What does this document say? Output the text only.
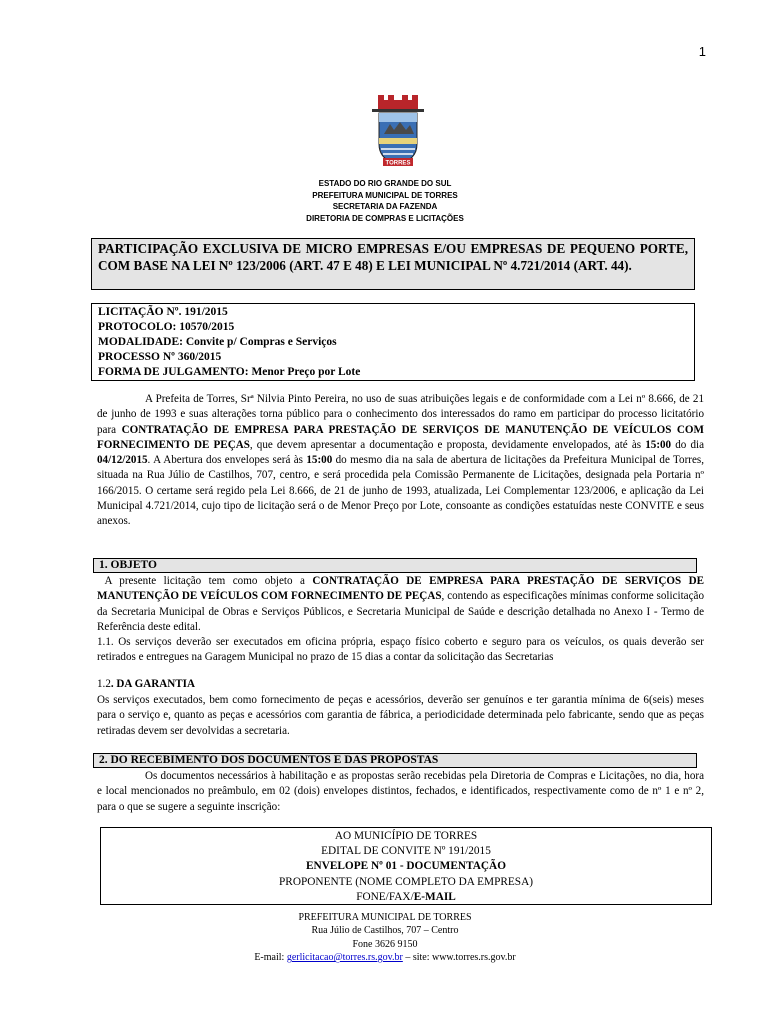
1
TORRES
ESTADO DO RIO GRANDE DO SUL
PREFEITURA MUNICIPAL DE TORRES
SECRETARIA DA FAZENDA
DIRETORIA DE COMPRAS E LICITAÇÕES
PARTICIPAÇÃO EXCLUSIVA DE MICRO EMPRESAS E/OU EMPRESAS DE PEQUENO PORTE, COM BASE NA LEI Nº 123/2006 (ART. 47 E 48) E LEI MUNICIPAL Nº 4.721/2014 (ART. 44).
LICITAÇÃO Nº. 191/2015
PROTOCOLO: 10570/2015
MODALIDADE: Convite p/ Compras e Serviços
PROCESSO Nº 360/2015
FORMA DE JULGAMENTO: Menor Preço por Lote
A Prefeita de Torres, Srª Nilvia Pinto Pereira, no uso de suas atribuições legais e de conformidade com a Lei nº 8.666, de 21 de junho de 1993 e suas alterações torna público para o conhecimento dos interessados do ramo em participar do processo licitatório para CONTRATAÇÃO DE EMPRESA PARA PRESTAÇÃO DE SERVIÇOS DE MANUTENÇÃO DE VEÍCULOS COM FORNECIMENTO DE PEÇAS, que devem apresentar a documentação e proposta, devidamente envelopados, até às 15:00 do dia 04/12/2015. A Abertura dos envelopes será às 15:00 do mesmo dia na sala de abertura de licitações da Prefeitura Municipal de Torres, situada na Rua Júlio de Castilhos, 707, centro, e será procedida pela Comissão Permanente de Licitações, designada pela Portaria nº 166/2015. O certame será regido pela Lei 8.666, de 21 de junho de 1993, atualizada, Lei Complementar 123/2006, e aplicação da Lei Municipal 4.721/2014, cujo tipo de licitação será o de Menor Preço por Lote, consoante as condições estatuídas neste CONVITE e seus anexos.
1. OBJETO
A presente licitação tem como objeto a CONTRATAÇÃO DE EMPRESA PARA PRESTAÇÃO DE SERVIÇOS DE MANUTENÇÃO DE VEÍCULOS COM FORNECIMENTO DE PEÇAS, contendo as especificações mínimas conforme solicitação da Secretaria Municipal de Obras e Serviços Públicos, e Secretaria Municipal de Saúde e descrição detalhada no Anexo I - Termo de Referência deste edital.
1.1. Os serviços deverão ser executados em oficina própria, espaço físico coberto e seguro para os veículos, os quais deverão ser retirados e entregues na Garagem Municipal no prazo de 15 dias a contar da solicitação das Secretarias
1.2. DA GARANTIA
Os serviços executados, bem como fornecimento de peças e acessórios, deverão ser genuínos e ter garantia mínima de 6(seis) meses para o serviço e, quanto as peças e acessórios com garantia de fábrica, a periodicidade determinada pelo fabricante, sendo que as peças retiradas devem ser devolvidas a secretaria.
2. DO RECEBIMENTO DOS DOCUMENTOS E DAS PROPOSTAS
Os documentos necessários à habilitação e as propostas serão recebidas pela Diretoria de Compras e Licitações, no dia, hora e local mencionados no preâmbulo, em 02 (dois) envelopes distintos, fechados, e identificados, respectivamente como de nº 1 e nº 2, para o que se sugere a seguinte inscrição:
AO MUNICÍPIO DE TORRES
EDITAL DE CONVITE Nº 191/2015
ENVELOPE Nº 01 - DOCUMENTAÇÃO
PROPONENTE (NOME COMPLETO DA EMPRESA)
FONE/FAX/E-MAIL
PREFEITURA MUNICIPAL DE TORRES
Rua Júlio de Castilhos, 707 – Centro
Fone 3626 9150
E-mail: gerlicitacao@torres.rs.gov.br – site: www.torres.rs.gov.br
